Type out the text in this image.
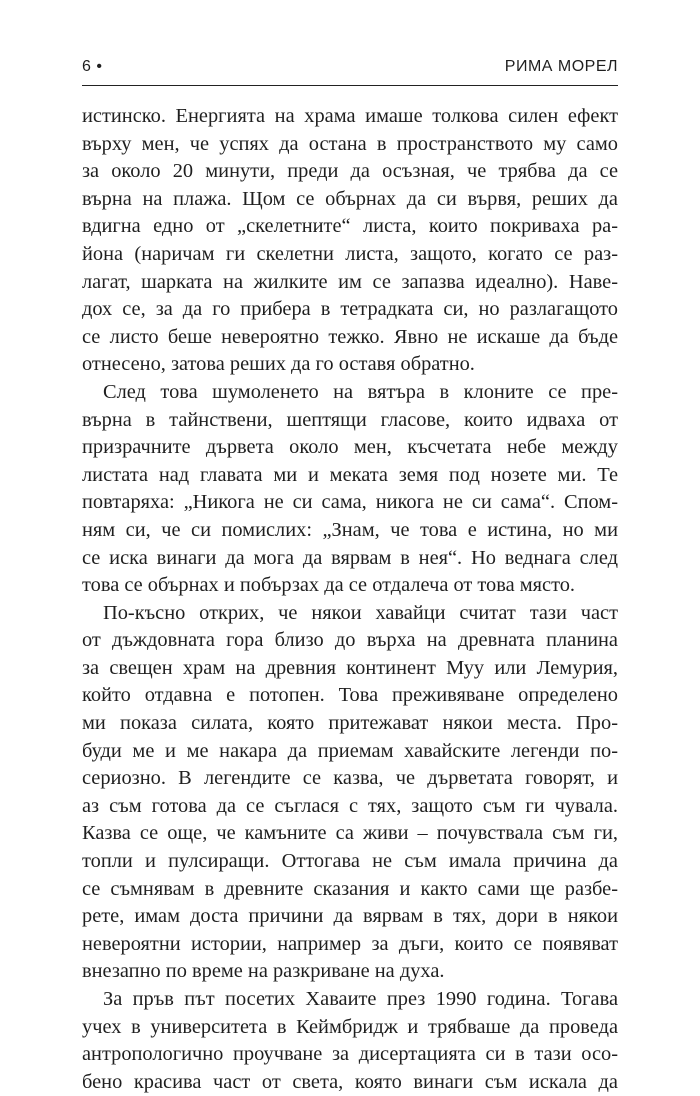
6 •	РИМА МОРЕЛ
истинско. Енергията на храма имаше толкова силен ефект
върху мен, че успях да остана в пространството му само
за около 20 минути, преди да осъзная, че трябва да се
върна на плажа. Щом се обърнах да си вървя, реших да
вдигна едно от „скелетните“ листа, които покриваха ра-
йона (наричам ги скелетни листа, защото, когато се раз-
лагат, шарката на жилките им се запазва идеално). Наве-
дох се, за да го прибера в тетрадката си, но разлагащото
се листо беше невероятно тежко. Явно не искаше да бъде
отнесено, затова реших да го оставя обратно.
След това шумоленето на вятъра в клоните се пре-
върна в тайнствени, шептящи гласове, които идваха от
призрачните дървета около мен, късчетата небе между
листата над главата ми и меката земя под нозете ми. Те
повтаряха: „Никога не си сама, никога не си сама“. Спом-
ням си, че си помислих: „Знам, че това е истина, но ми
се иска винаги да мога да вярвам в нея“. Но веднага след
това се обърнах и побързах да се отдалеча от това място.
По-късно открих, че някои хавайци считат тази част
от дъждовната гора близо до върха на древната планина
за свещен храм на древния континент Муу или Лемурия,
който отдавна е потопен. Това преживяване определено
ми показа силата, която притежават някои места. Про-
буди ме и ме накара да приемам хавайските легенди по-
сериозно. В легендите се казва, че дърветата говорят, и
аз съм готова да се съглася с тях, защото съм ги чувала.
Казва се още, че камъните са живи – почувствала съм ги,
топли и пулсиращи. Оттогава не съм имала причина да
се съмнявам в древните сказания и както сами ще разбе-
рете, имам доста причини да вярвам в тях, дори в някои
невероятни истории, например за дъги, които се появяват
внезапно по време на разкриване на духа.
За пръв път посетих Хаваите през 1990 година. Тогава
учех в университета в Кеймбридж и трябваше да проведа
антропологично проучване за дисертацията си в тази осо-
бено красива част от света, която винаги съм искала да
